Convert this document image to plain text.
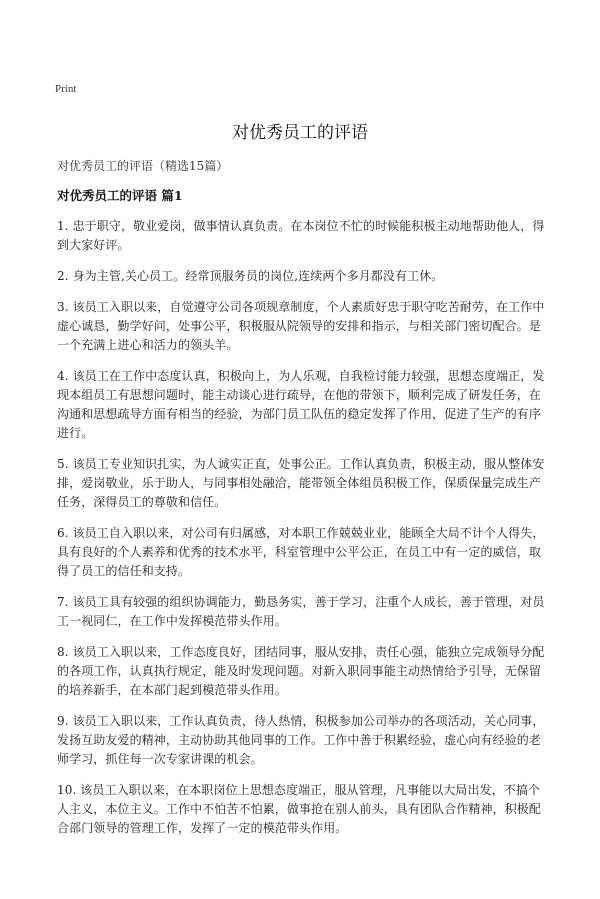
Print
对优秀员工的评语
对优秀员工的评语（精选15篇）
对优秀员工的评语 篇1

1. 忠于职守，敬业爱岗，做事情认真负责。在本岗位不忙的时候能积极主动地帮助他人，得到大家好评。

2. 身为主管,关心员工。经常顶服务员的岗位,连续两个多月都没有工休。

3. 该员工入职以来，自觉遵守公司各项规章制度，个人素质好忠于职守吃苦耐劳，在工作中虚心诚恳，勤学好问，处事公平，积极服从院领导的安排和指示，与相关部门密切配合。是一个充满上进心和活力的领头羊。

4. 该员工在工作中态度认真，积极向上，为人乐观，自我检讨能力较强，思想态度端正，发现本组员工有思想问题时，能主动谈心进行疏导，在他的带领下，顺利完成了研发任务，在沟通和思想疏导方面有相当的经验，为部门员工队伍的稳定发挥了作用，促进了生产的有序进行。

5. 该员工专业知识扎实，为人诚实正直，处事公正。工作认真负责，积极主动，服从整体安排，爱岗敬业，乐于助人，与同事相处融洽，能带领全体组员积极工作，保质保量完成生产任务，深得员工的尊敬和信任。

6. 该员工自入职以来，对公司有归属感，对本职工作兢兢业业，能顾全大局不计个人得失，具有良好的个人素养和优秀的技术水平，科室管理中公平公正，在员工中有一定的威信，取得了员工的信任和支持。

7. 该员工具有较强的组织协调能力，勤恳务实，善于学习，注重个人成长，善于管理，对员工一视同仁，在工作中发挥模范带头作用。

8. 该员工入职以来，工作态度良好，团结同事，服从安排，责任心强，能独立完成领导分配的各项工作，认真执行规定，能及时发现问题。对新入职同事能主动热情给予引导，无保留的培养新手，在本部门起到模范带头作用。

9. 该员工入职以来，工作认真负责，待人热情，积极参加公司举办的各项活动，关心同事，发扬互助友爱的精神，主动协助其他同事的工作。工作中善于积累经验，虚心向有经验的老师学习，抓住每一次专家讲课的机会。

10. 该员工入职以来，在本职岗位上思想态度端正，服从管理，凡事能以大局出发，不搞个人主义，本位主义。工作中不怕苦不怕累，做事抢在别人前头，具有团队合作精神，积极配合部门领导的管理工作，发挥了一定的模范带头作用。
